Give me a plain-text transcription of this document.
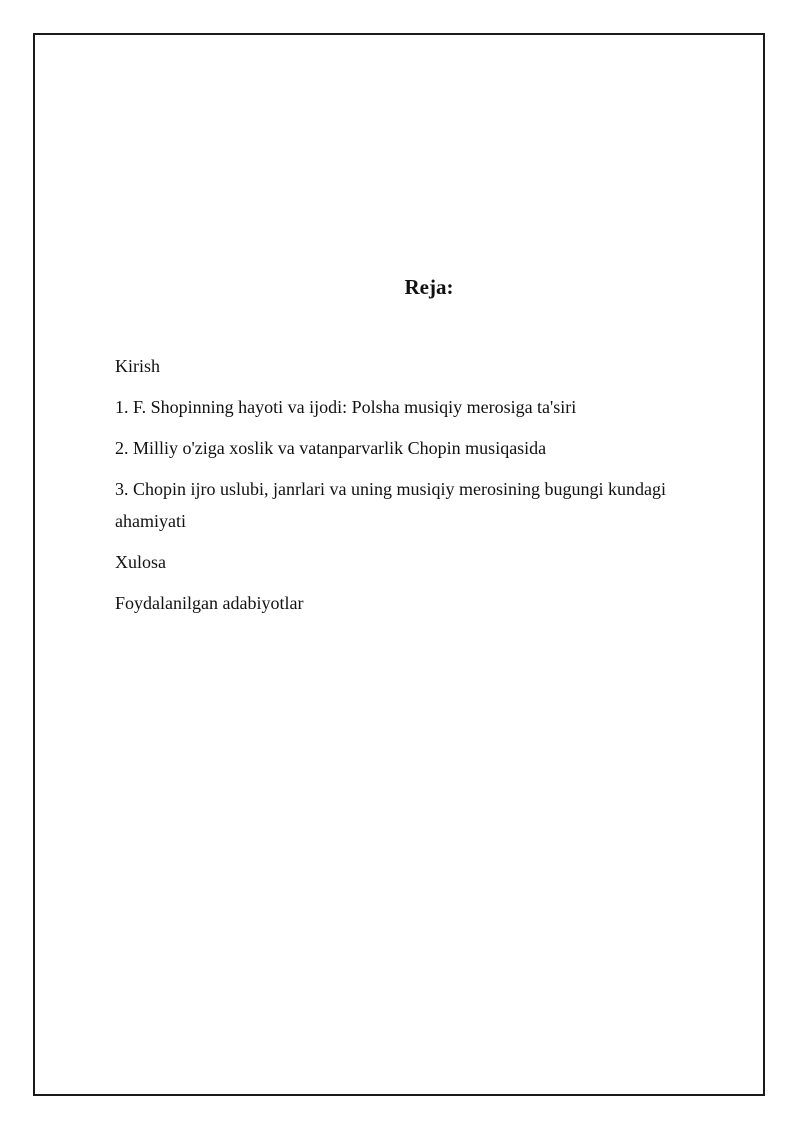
Reja:
Kirish
1. F. Shopinning hayoti va ijodi: Polsha musiqiy merosiga ta'siri
2. Milliy o'ziga xoslik va vatanparvarlik Chopin musiqasida
3. Chopin ijro uslubi, janrlari va uning musiqiy merosining bugungi kundagi ahamiyati
Xulosa
Foydalanilgan adabiyotlar
